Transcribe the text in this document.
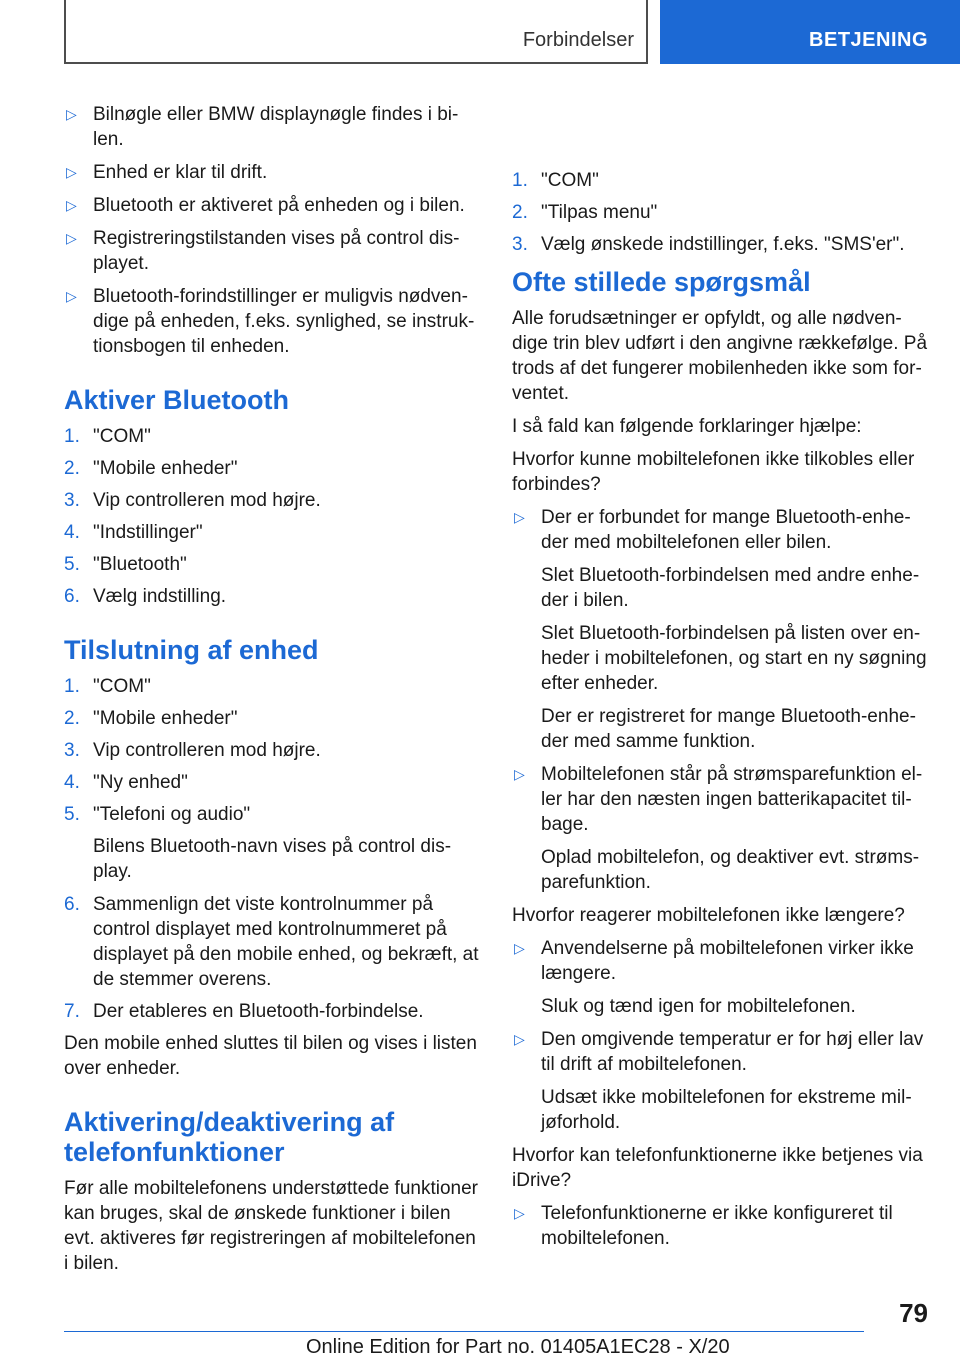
Forbindelser	BETJENING
▷ Bilnøgle eller BMW displaynøgle findes i bilen.
▷ Enhed er klar til drift.
▷ Bluetooth er aktiveret på enheden og i bilen.
▷ Registreringstilstanden vises på control displayet.
▷ Bluetooth-forindstillinger er muligvis nødvendige på enheden, f.eks. synlighed, se instruktionsbogen til enheden.
Aktiver Bluetooth
1. "COM"
2. "Mobile enheder"
3. Vip controlleren mod højre.
4. "Indstillinger"
5. "Bluetooth"
6. Vælg indstilling.
Tilslutning af enhed
1. "COM"
2. "Mobile enheder"
3. Vip controlleren mod højre.
4. "Ny enhed"
5. "Telefoni og audio"
Bilens Bluetooth-navn vises på control display.
6. Sammenlign det viste kontrolnummer på control displayet med kontrolnummeret på displayet på den mobile enhed, og bekræft, at de stemmer overens.
7. Der etableres en Bluetooth-forbindelse.

Den mobile enhed sluttes til bilen og vises i listen over enheder.

Aktivering/deaktivering af telefonfunktioner

Før alle mobiltelefonens understøttede funktioner kan bruges, skal de ønskede funktioner i bilen evt. aktiveres før registreringen af mobiltelefonen i bilen.

1. "COM"
2. "Tilpas menu"
3. Vælg ønskede indstillinger, f.eks. "SMS'er".
Ofte stillede spørgsmål

Alle forudsætninger er opfyldt, og alle nødvendige trin blev udført i den angivne rækkefølge. På trods af det fungerer mobilenheden ikke som forventet.

I så fald kan følgende forklaringer hjælpe:

Hvorfor kunne mobiltelefonen ikke tilkobles eller forbindes?

▷ Der er forbundet for mange Bluetooth-enheder med mobiltelefonen eller bilen.
Slet Bluetooth-forbindelsen med andre enheder i bilen.
Slet Bluetooth-forbindelsen på listen over enheder i mobiltelefonen, og start en ny søgning efter enheder.
Der er registreret for mange Bluetooth-enheder med samme funktion.
▷ Mobiltelefonen står på strømsparefunktion eller har den næsten ingen batterikapacitet tilbage.
Oplad mobiltelefon, og deaktiver evt. strømsparefunktion.

Hvorfor reagerer mobiltelefonen ikke længere?

▷ Anvendelserne på mobiltelefonen virker ikke længere.
Sluk og tænd igen for mobiltelefonen.
▷ Den omgivende temperatur er for høj eller lav til drift af mobiltelefonen.
Udsæt ikke mobiltelefonen for ekstreme miljøforhold.

Hvorfor kan telefonfunktionerne ikke betjenes via iDrive?

▷ Telefonfunktionerne er ikke konfigureret til mobiltelefonen.
79
Online Edition for Part no. 01405A1EC28 - X/20
